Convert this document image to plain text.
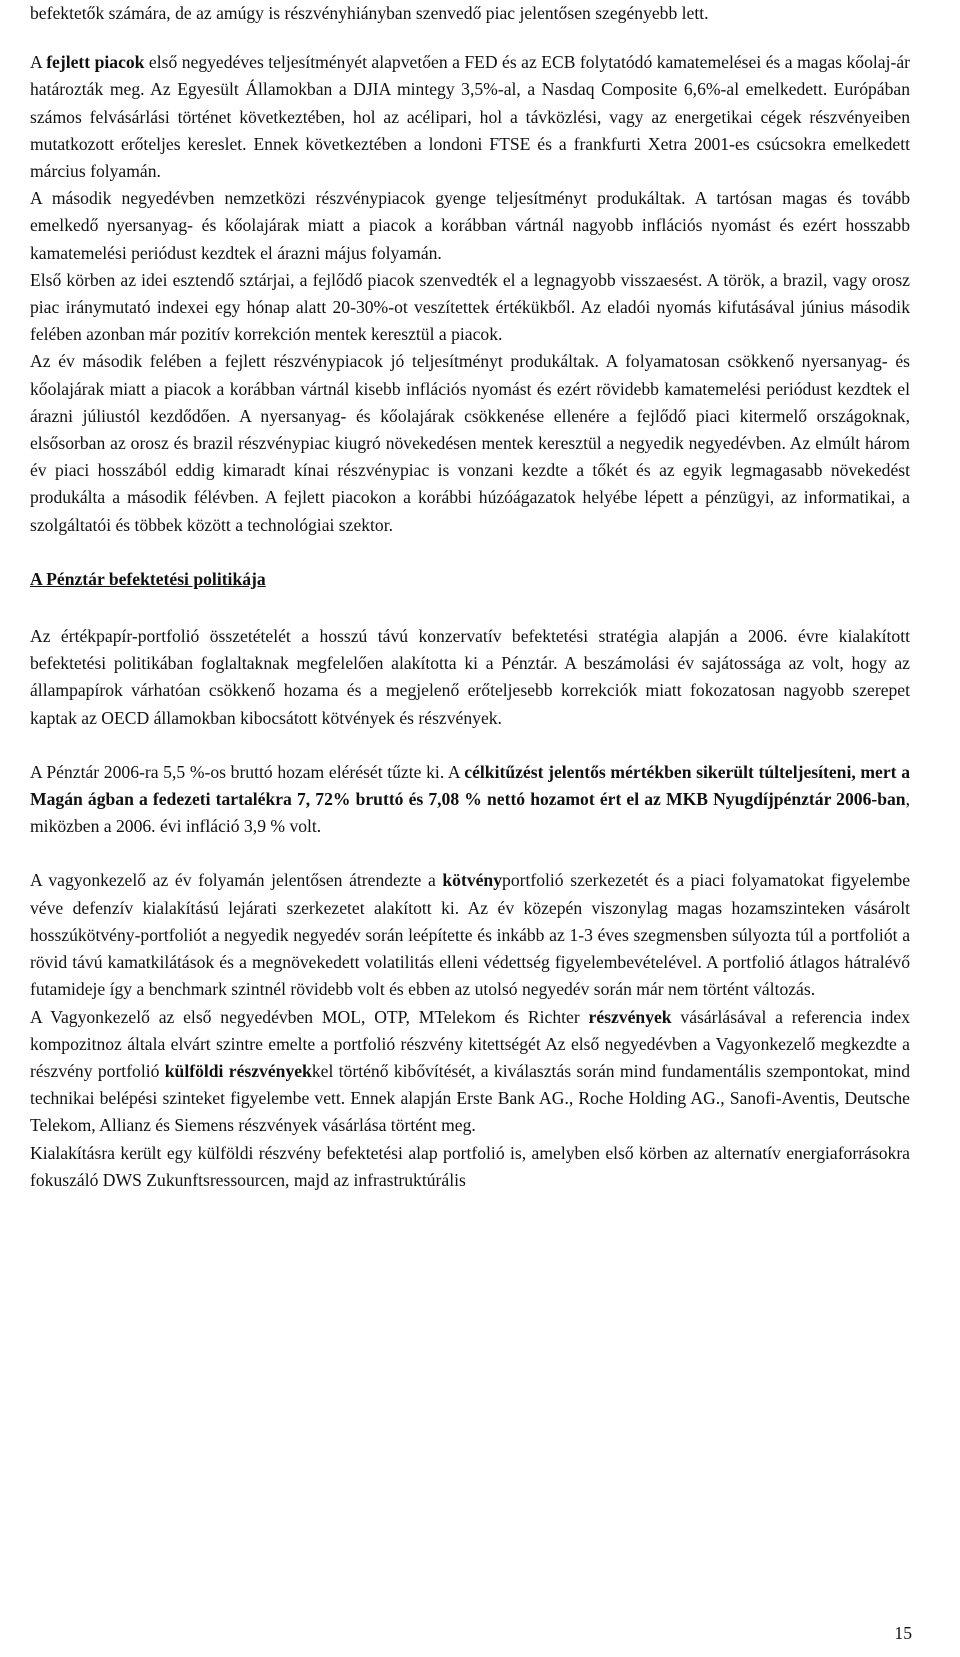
befektetők számára, de az amúgy is részvényhiányban szenvedő piac jelentősen szegényebb lett.

A fejlett piacok első negyedéves teljesítményét alapvetően a FED és az ECB folytatódó kamatemelései és a magas kőolaj-ár határozták meg. Az Egyesült Államokban a DJIA mintegy 3,5%-al, a Nasdaq Composite 6,6%-al emelkedett. Európában számos felvásárlási történet következtében, hol az acélipari, hol a távközlési, vagy az energetikai cégek részvényeiben mutatkozott erőteljes kereslet. Ennek következtében a londoni FTSE és a frankfurti Xetra 2001-es csúcsokra emelkedett március folyamán.

A második negyedévben nemzetközi részvénypiacok gyenge teljesítményt produkáltak. A tartósan magas és tovább emelkedő nyersanyag- és kőolajárak miatt a piacok a korábban vártnál nagyobb inflációs nyomást és ezért hosszabb kamatemelési periódust kezdtek el árazni május folyamán.

Első körben az idei esztendő sztárjai, a fejlődő piacok szenvedték el a legnagyobb visszaesést. A török, a brazil, vagy orosz piac iránymutató indexei egy hónap alatt 20-30%-ot veszítettek értékükből. Az eladói nyomás kifutásával június második felében azonban már pozitív korrekción mentek keresztül a piacok.

Az év második felében a fejlett részvénypiacok jó teljesítményt produkáltak. A folyamatosan csökkenő nyersanyag- és kőolajárak miatt a piacok a korábban vártnál kisebb inflációs nyomást és ezért rövidebb kamatemelési periódust kezdtek el árazni júliustól kezdődően. A nyersanyag- és kőolajárak csökkenése ellenére a fejlődő piaci kitermelő országoknak, elsősorban az orosz és brazil részvénypiac kiugró növekedésen mentek keresztül a negyedik negyedévben. Az elmúlt három év piaci hosszából eddig kimaradt kínai részvénypiac is vonzani kezdte a tőkét és az egyik legmagasabb növekedést produkálta a második félévben. A fejlett piacokon a korábbi húzóágazatok helyébe lépett a pénzügyi, az informatikai, a szolgáltatói és többek között a technológiai szektor.

A Pénztár befektetési politikája

Az értékpapír-portfolió összetételét a hosszú távú konzervatív befektetési stratégia alapján a 2006. évre kialakított befektetési politikában foglaltaknak megfelelően alakította ki a Pénztár. A beszámolási év sajátossága az volt, hogy az állampapírok várhatóan csökkenő hozama és a megjelenő erőteljesebb korrekciók miatt fokozatosan nagyobb szerepet kaptak az OECD államokban kibocsátott kötvények és részvények.

A Pénztár 2006-ra 5,5 %-os bruttó hozam elérését tűzte ki. A célkitűzést jelentős mértékben sikerült túlteljesíteni, mert a Magán ágban a fedezeti tartalékra 7, 72% bruttó és 7,08 % nettó hozamot ért el az MKB Nyugdíjpénztár 2006-ban, miközben a 2006. évi infláció 3,9 % volt.

A vagyonkezelő az év folyamán jelentősen átrendezte a kötvényportfolió szerkezetét és a piaci folyamatokat figyelembe véve defenzív kialakítású lejárati szerkezetet alakított ki. Az év közepén viszonylag magas hozamszinteken vásárolt hosszúkötvény-portfoliót a negyedik negyedév során leépítette és inkább az 1-3 éves szegmensben súlyozta túl a portfoliót a rövid távú kamatkilátások és a megnövekedett volatilitás elleni védettség figyelembevételével. A portfolió átlagos hátralévő futamideje így a benchmark szintnél rövidebb volt és ebben az utolsó negyedév során már nem történt változás.

A Vagyonkezelő az első negyedévben MOL, OTP, MTelekom és Richter részvények vásárlásával a referencia index kompozitnoz általa elvárt szintre emelte a portfolió részvény kitettségét Az első negyedévben a Vagyonkezelő megkezdte a részvény portfolió külföldi részvényekkel történő kibővítését, a kiválasztás során mind fundamentális szempontokat, mind technikai belépési szinteket figyelembe vett. Ennek alapján Erste Bank AG., Roche Holding AG., Sanofi-Aventis, Deutsche Telekom, Allianz és Siemens részvények vásárlása történt meg.

Kialakításra került egy külföldi részvény befektetési alap portfolió is, amelyben első körben az alternatív energiaforrásokra fokuszáló DWS Zukunftsressourcen, majd az infrastruktúrális

15
